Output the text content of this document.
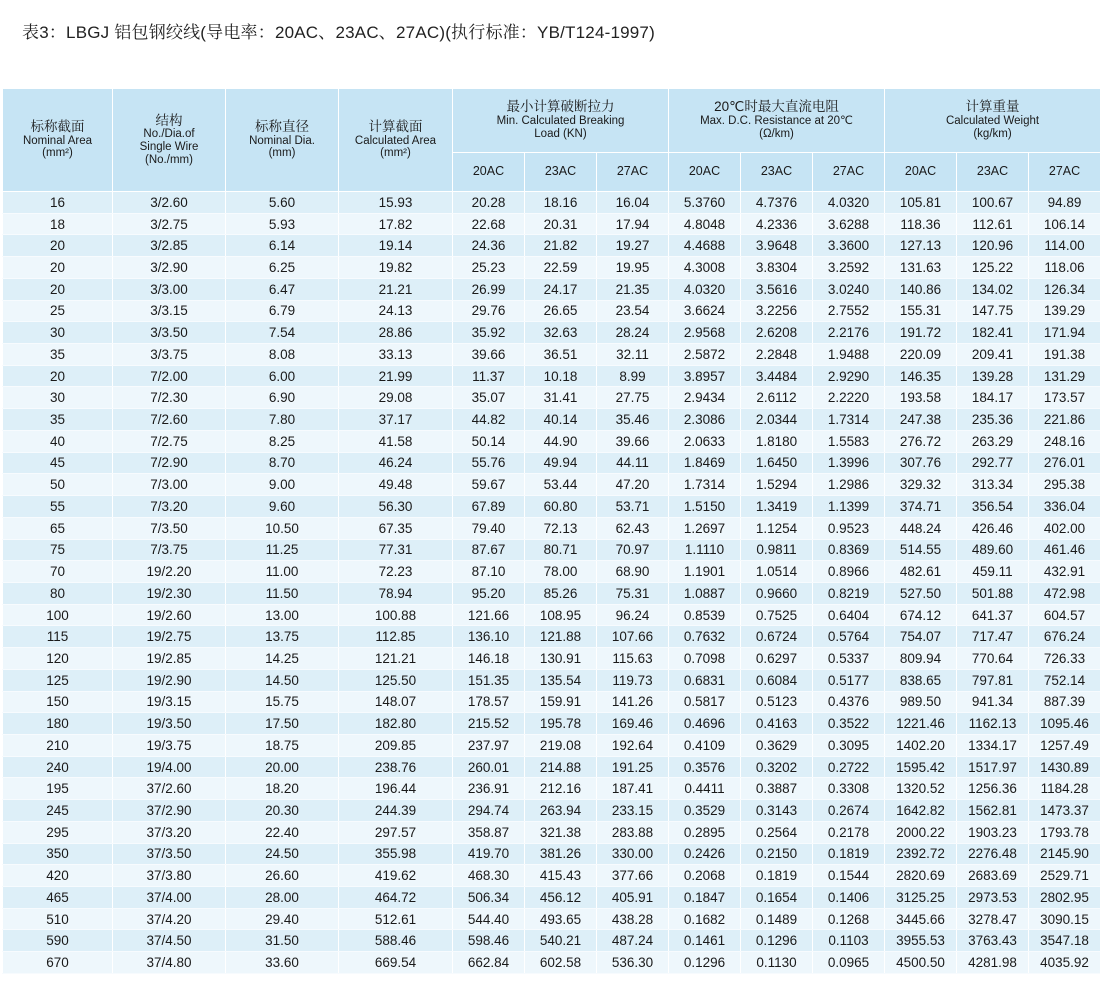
表3：LBGJ 铝包钢绞线(导电率：20AC、23AC、27AC)(执行标准：YB/T124-1997)
标称截面
Nominal Area
(mm²)	结构
No./Dia.of
Single Wire
(No./mm)	标称直径
Nominal Dia.
(mm)	计算截面
Calculated Area
(mm²)	最小计算破断拉力
Min. Calculated Breaking
Load (KN)			20℃时最大直流电阻
Max. D.C. Resistance at 20℃
(Ω/km)			计算重量
Calculated Weight
(kg/km)		

				20AC	23AC	27AC	20AC	23AC	27AC	20AC	23AC	27AC
16	3/2.60	5.60	15.93	20.28	18.16	16.04	5.3760	4.7376	4.0320	105.81	100.67	94.89
18	3/2.75	5.93	17.82	22.68	20.31	17.94	4.8048	4.2336	3.6288	118.36	112.61	106.14
20	3/2.85	6.14	19.14	24.36	21.82	19.27	4.4688	3.9648	3.3600	127.13	120.96	114.00
20	3/2.90	6.25	19.82	25.23	22.59	19.95	4.3008	3.8304	3.2592	131.63	125.22	118.06
20	3/3.00	6.47	21.21	26.99	24.17	21.35	4.0320	3.5616	3.0240	140.86	134.02	126.34
25	3/3.15	6.79	24.13	29.76	26.65	23.54	3.6624	3.2256	2.7552	155.31	147.75	139.29
30	3/3.50	7.54	28.86	35.92	32.63	28.24	2.9568	2.6208	2.2176	191.72	182.41	171.94
35	3/3.75	8.08	33.13	39.66	36.51	32.11	2.5872	2.2848	1.9488	220.09	209.41	191.38
20	7/2.00	6.00	21.99	11.37	10.18	8.99	3.8957	3.4484	2.9290	146.35	139.28	131.29
30	7/2.30	6.90	29.08	35.07	31.41	27.75	2.9434	2.6112	2.2220	193.58	184.17	173.57
35	7/2.60	7.80	37.17	44.82	40.14	35.46	2.3086	2.0344	1.7314	247.38	235.36	221.86
40	7/2.75	8.25	41.58	50.14	44.90	39.66	2.0633	1.8180	1.5583	276.72	263.29	248.16
45	7/2.90	8.70	46.24	55.76	49.94	44.11	1.8469	1.6450	1.3996	307.76	292.77	276.01
50	7/3.00	9.00	49.48	59.67	53.44	47.20	1.7314	1.5294	1.2986	329.32	313.34	295.38
55	7/3.20	9.60	56.30	67.89	60.80	53.71	1.5150	1.3419	1.1399	374.71	356.54	336.04
65	7/3.50	10.50	67.35	79.40	72.13	62.43	1.2697	1.1254	0.9523	448.24	426.46	402.00
75	7/3.75	11.25	77.31	87.67	80.71	70.97	1.1110	0.9811	0.8369	514.55	489.60	461.46
70	19/2.20	11.00	72.23	87.10	78.00	68.90	1.1901	1.0514	0.8966	482.61	459.11	432.91
80	19/2.30	11.50	78.94	95.20	85.26	75.31	1.0887	0.9660	0.8219	527.50	501.88	472.98
100	19/2.60	13.00	100.88	121.66	108.95	96.24	0.8539	0.7525	0.6404	674.12	641.37	604.57
115	19/2.75	13.75	112.85	136.10	121.88	107.66	0.7632	0.6724	0.5764	754.07	717.47	676.24
120	19/2.85	14.25	121.21	146.18	130.91	115.63	0.7098	0.6297	0.5337	809.94	770.64	726.33
125	19/2.90	14.50	125.50	151.35	135.54	119.73	0.6831	0.6084	0.5177	838.65	797.81	752.14
150	19/3.15	15.75	148.07	178.57	159.91	141.26	0.5817	0.5123	0.4376	989.50	941.34	887.39
180	19/3.50	17.50	182.80	215.52	195.78	169.46	0.4696	0.4163	0.3522	1221.46	1162.13	1095.46
210	19/3.75	18.75	209.85	237.97	219.08	192.64	0.4109	0.3629	0.3095	1402.20	1334.17	1257.49
240	19/4.00	20.00	238.76	260.01	214.88	191.25	0.3576	0.3202	0.2722	1595.42	1517.97	1430.89
195	37/2.60	18.20	196.44	236.91	212.16	187.41	0.4411	0.3887	0.3308	1320.52	1256.36	1184.28
245	37/2.90	20.30	244.39	294.74	263.94	233.15	0.3529	0.3143	0.2674	1642.82	1562.81	1473.37
295	37/3.20	22.40	297.57	358.87	321.38	283.88	0.2895	0.2564	0.2178	2000.22	1903.23	1793.78
350	37/3.50	24.50	355.98	419.70	381.26	330.00	0.2426	0.2150	0.1819	2392.72	2276.48	2145.90
420	37/3.80	26.60	419.62	468.30	415.43	377.66	0.2068	0.1819	0.1544	2820.69	2683.69	2529.71
465	37/4.00	28.00	464.72	506.34	456.12	405.91	0.1847	0.1654	0.1406	3125.25	2973.53	2802.95
510	37/4.20	29.40	512.61	544.40	493.65	438.28	0.1682	0.1489	0.1268	3445.66	3278.47	3090.15
590	37/4.50	31.50	588.46	598.46	540.21	487.24	0.1461	0.1296	0.1103	3955.53	3763.43	3547.18
670	37/4.80	33.60	669.54	662.84	602.58	536.30	0.1296	0.1130	0.0965	4500.50	4281.98	4035.92
